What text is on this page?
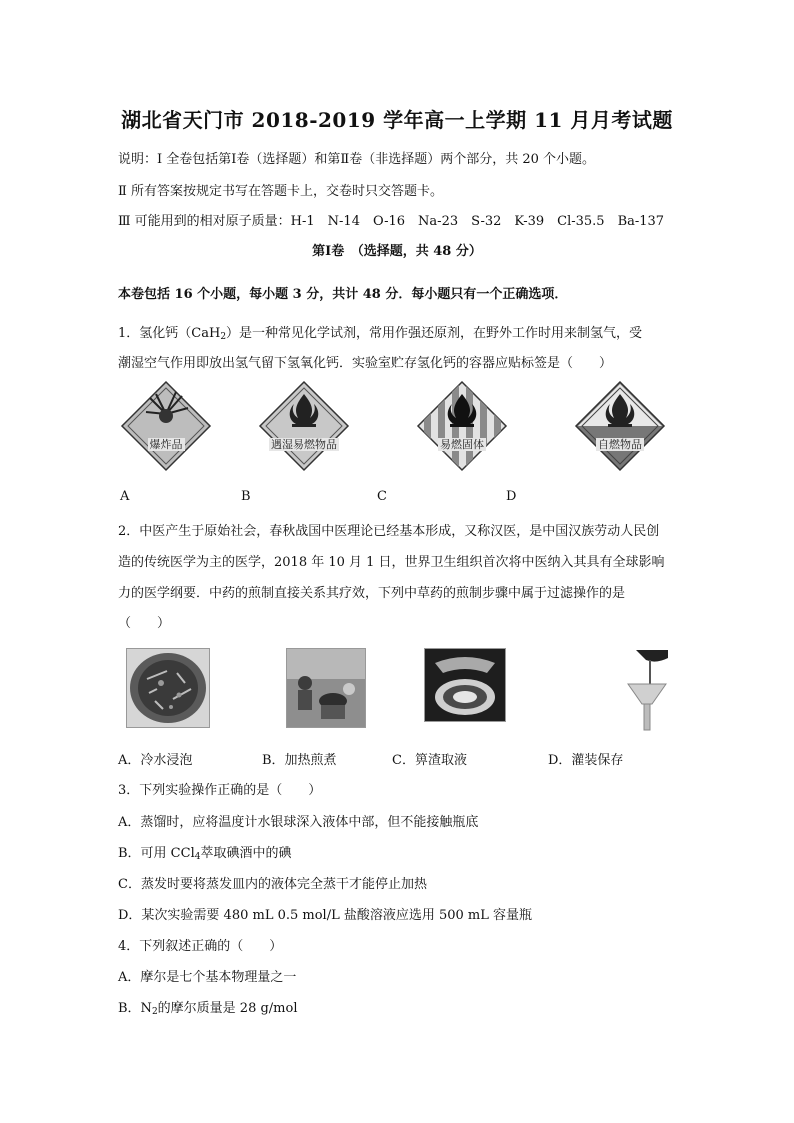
湖北省天门市 2018-2019 学年高一上学期 11 月月考试题
说明：Ⅰ 全卷包括第Ⅰ卷（选择题）和第Ⅱ卷（非选择题）两个部分，共 20 个小题。
Ⅱ 所有答案按规定书写在答题卡上，交卷时只交答题卡。
Ⅲ 可能用到的相对原子质量：H-1　N-14　O-16　Na-23　S-32　K-39　Cl-35.5　Ba-137
第Ⅰ卷　（选择题，共 48 分）
本卷包括 16 个小题，每小题 3 分，共计 48 分．每小题只有一个正确选项．
1．氢化钙（CaH$_2$）是一种常见化学试剂，常用作强还原剂，在野外工作时用来制氢气，受
潮湿空气作用即放出氢气留下氢氧化钙．实验室贮存氢化钙的容器应贴标签是（　　）
爆炸品	遇湿易燃物品	易燃固体	自燃物品
A	B	C	D
2．中医产生于原始社会，春秋战国中医理论已经基本形成，又称汉医，是中国汉族劳动人民创
造的传统医学为主的医学，2018 年 10 月 1 日，世界卫生组织首次将中医纳入其具有全球影响
力的医学纲要．中药的煎制直接关系其疗效，下列中草药的煎制步骤中属于过滤操作的是
（　　）
A．冷水浸泡	B．加热煎煮	C．箅渣取液	D．灌装保存
3．下列实验操作正确的是（　　）
A．蒸馏时，应将温度计水银球深入液体中部，但不能接触瓶底
B．可用 CCl$_4$萃取碘酒中的碘
C．蒸发时要将蒸发皿内的液体完全蒸干才能停止加热
D．某次实验需要 480 mL 0.5 mol/L 盐酸溶液应选用 500 mL 容量瓶
4．下列叙述正确的（　　）
A．摩尔是七个基本物理量之一
B．$N_2$的摩尔质量是 28 g/mol
